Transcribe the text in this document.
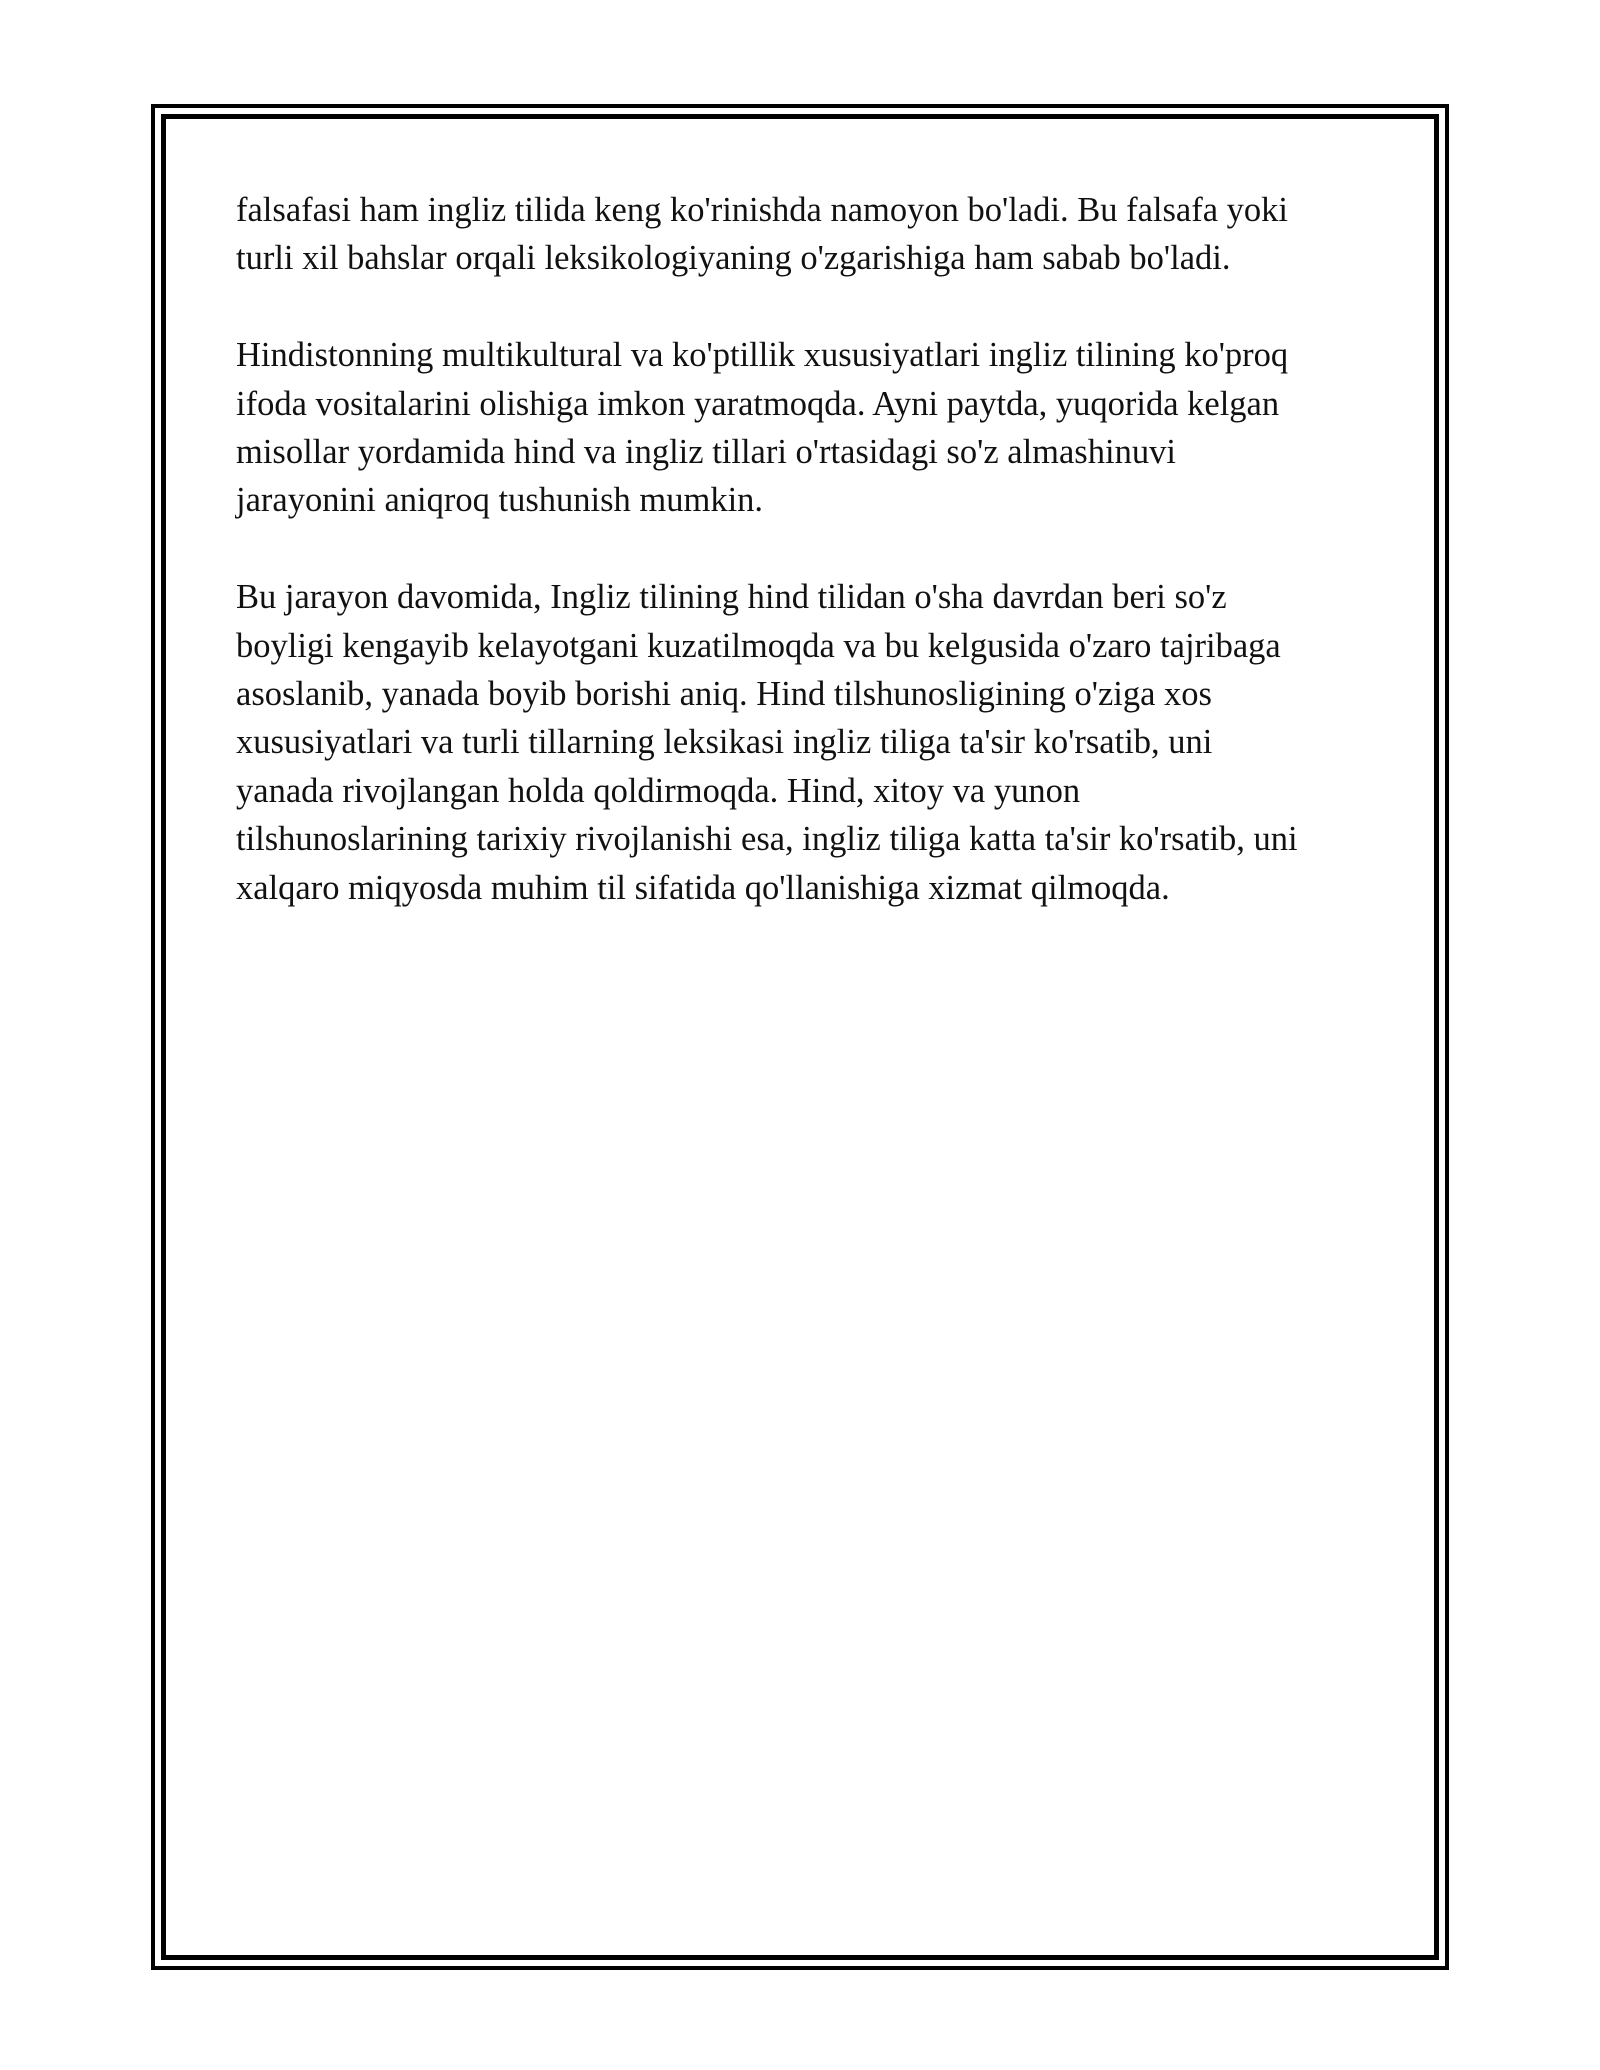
falsafasi ham ingliz tilida keng ko'rinishda namoyon bo'ladi. Bu falsafa yoki
turli xil bahslar orqali leksikologiyaning o'zgarishiga ham sabab bo'ladi.

Hindistonning multikultural va ko'ptillik xususiyatlari ingliz tilining ko'proq
ifoda vositalarini olishiga imkon yaratmoqda. Ayni paytda, yuqorida kelgan
misollar yordamida hind va ingliz tillari o'rtasidagi so'z almashinuvi
jarayonini aniqroq tushunish mumkin.

Bu jarayon davomida, Ingliz tilining hind tilidan o'sha davrdan beri so'z
boyligi kengayib kelayotgani kuzatilmoqda va bu kelgusida o'zaro tajribaga
asoslanib, yanada boyib borishi aniq. Hind tilshunosligining o'ziga xos
xususiyatlari va turli tillarning leksikasi ingliz tiliga ta'sir ko'rsatib, uni
yanada rivojlangan holda qoldirmoqda. Hind, xitoy va yunon
tilshunoslarining tarixiy rivojlanishi esa, ingliz tiliga katta ta'sir ko'rsatib, uni
xalqaro miqyosda muhim til sifatida qo'llanishiga xizmat qilmoqda.
